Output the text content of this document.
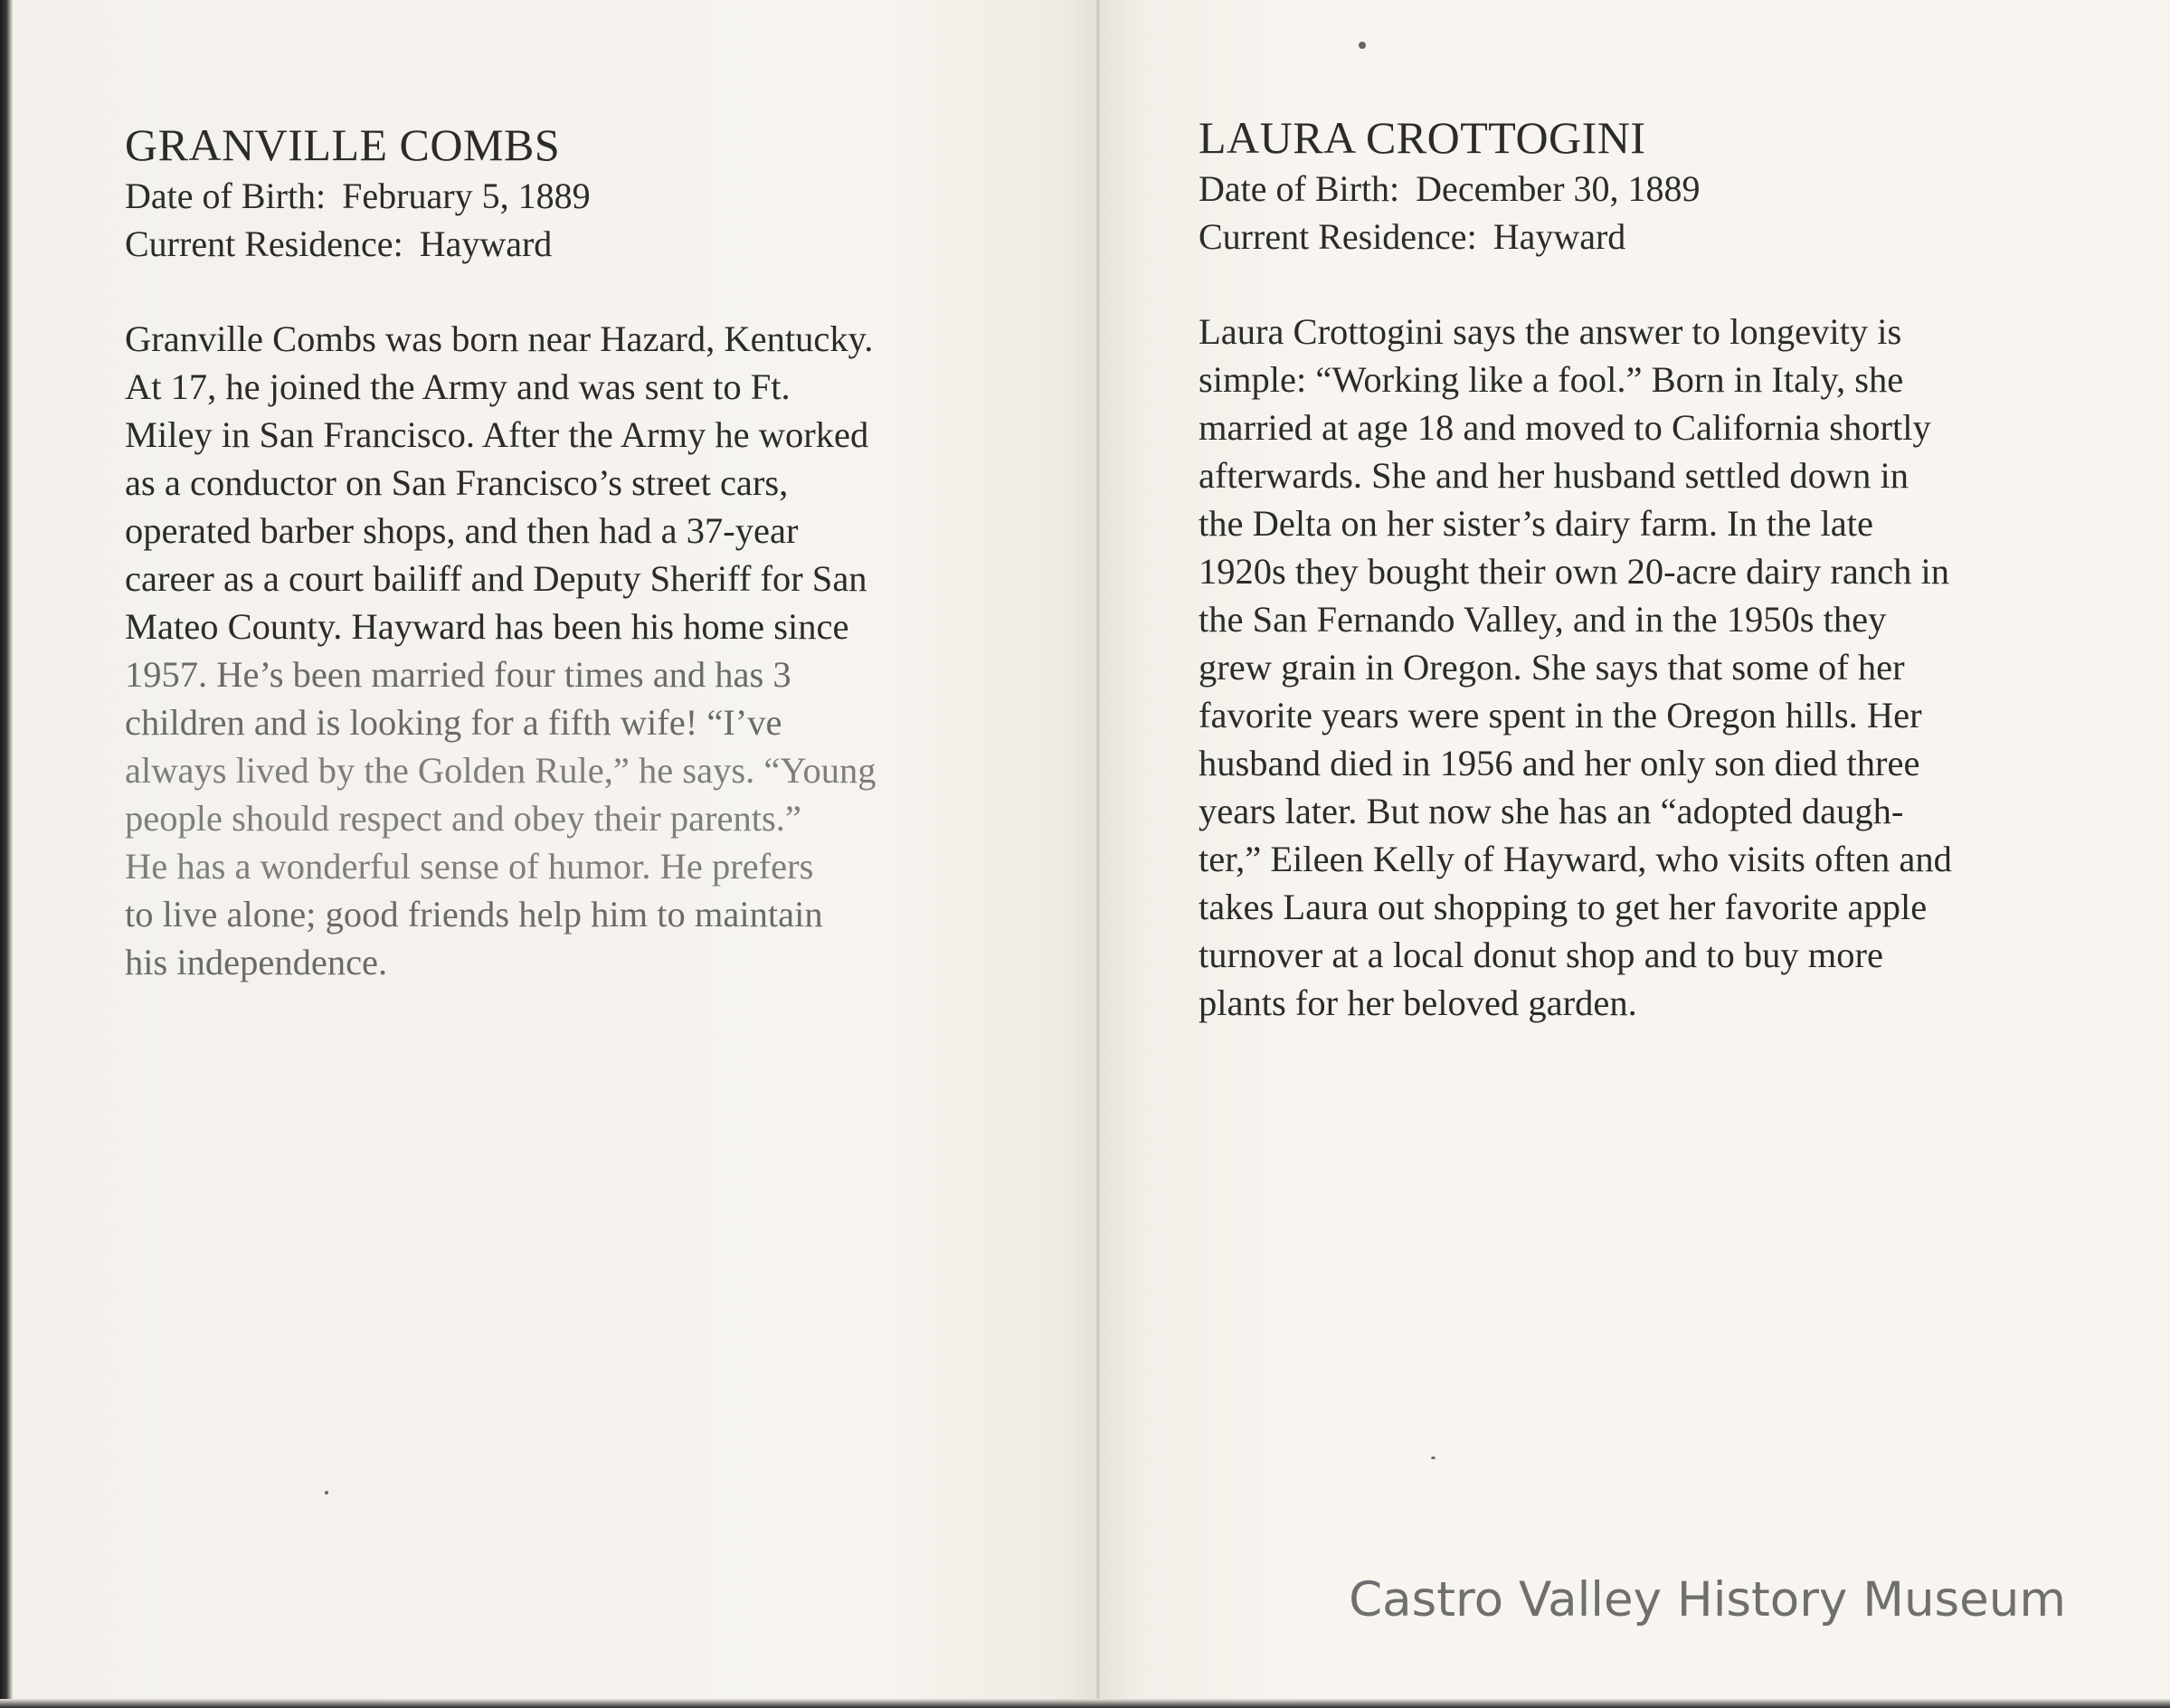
GRANVILLE COMBS

Date of Birth: February 5, 1889

Current Residence: Hayward

Granville Combs was born near Hazard, Kentucky.
At 17, he joined the Army and was sent to Ft.
Miley in San Francisco. After the Army he worked
as a conductor on San Francisco’s street cars,
operated barber shops, and then had a 37-year
career as a court bailiff and Deputy Sheriff for San
Mateo County. Hayward has been his home since
1957. He’s been married four times and has 3
children and is looking for a fifth wife! “I’ve
always lived by the Golden Rule,” he says. “Young
people should respect and obey their parents.”
He has a wonderful sense of humor. He prefers
to live alone; good friends help him to maintain
his independence.
LAURA CROTTOGINI

Date of Birth: December 30, 1889

Current Residence: Hayward

Laura Crottogini says the answer to longevity is
simple: “Working like a fool.” Born in Italy, she
married at age 18 and moved to California shortly
afterwards. She and her husband settled down in
the Delta on her sister’s dairy farm. In the late
1920s they bought their own 20-acre dairy ranch in
the San Fernando Valley, and in the 1950s they
grew grain in Oregon. She says that some of her
favorite years were spent in the Oregon hills. Her
husband died in 1956 and her only son died three
years later. But now she has an “adopted daugh-
ter,” Eileen Kelly of Hayward, who visits often and
takes Laura out shopping to get her favorite apple
turnover at a local donut shop and to buy more
plants for her beloved garden.
Castro Valley History Museum
